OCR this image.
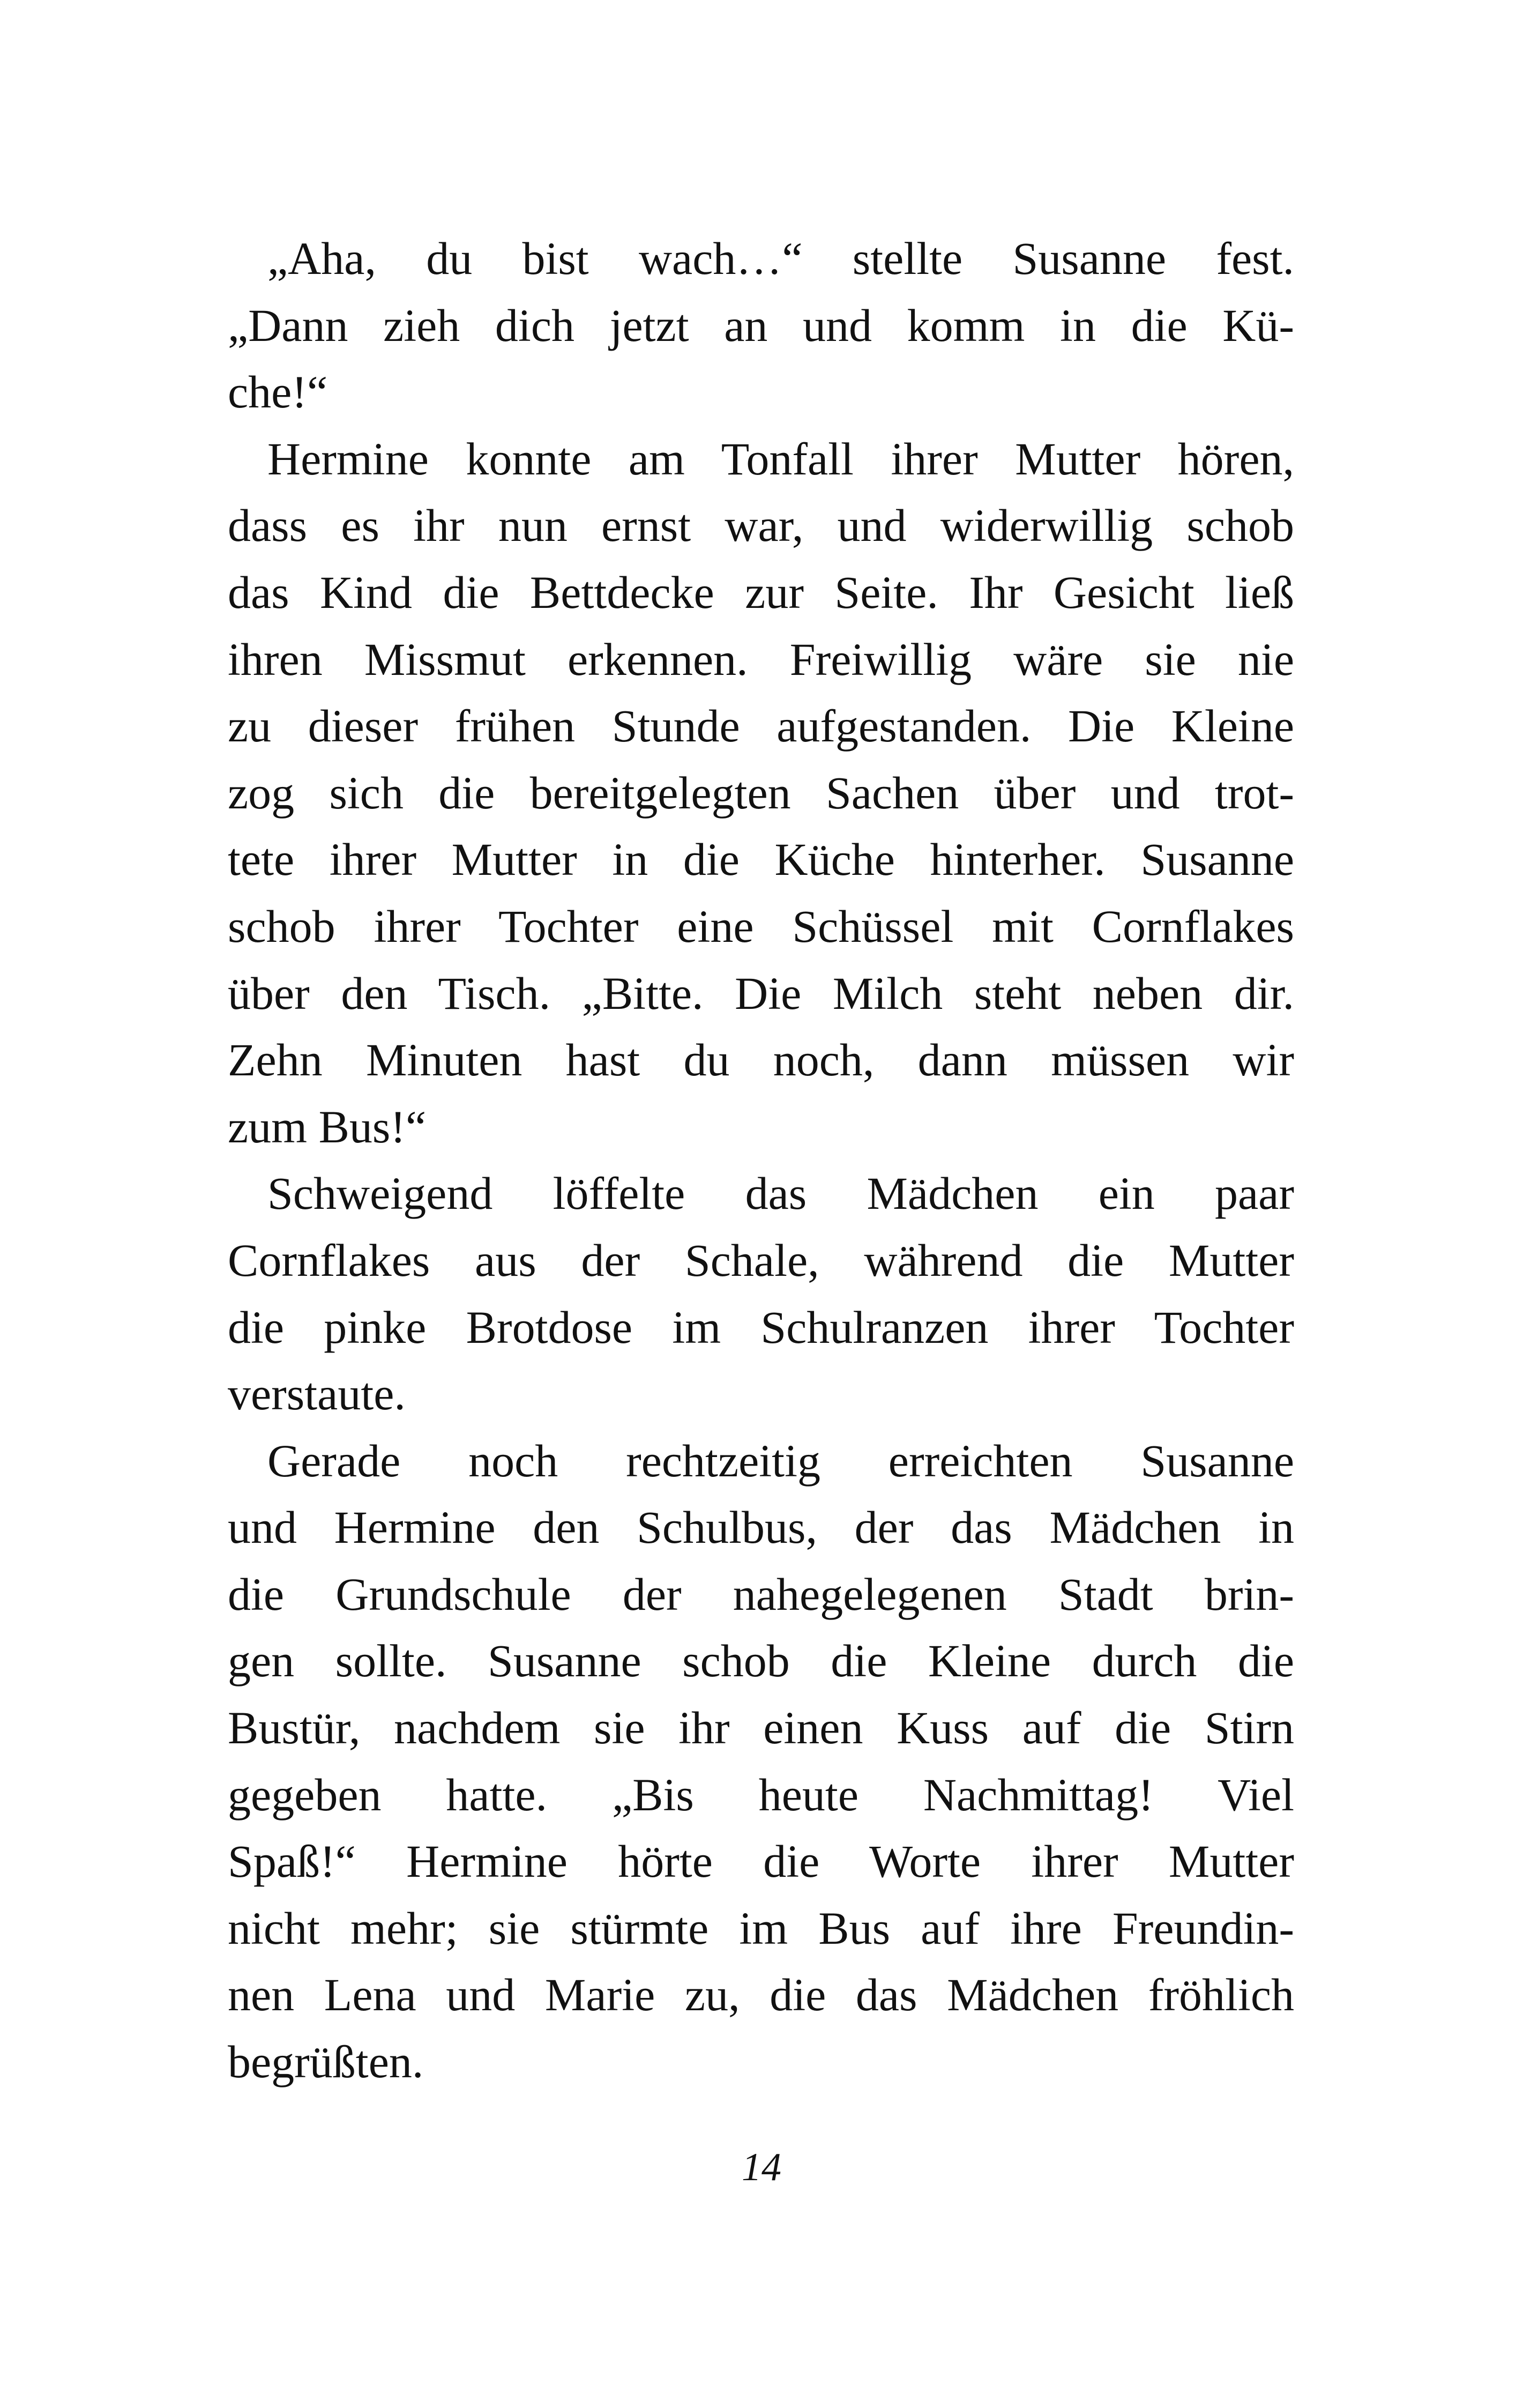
„Aha, du bist wach…“ stellte Susanne fest.
„Dann zieh dich jetzt an und komm in die Kü-
che!“
Hermine konnte am Tonfall ihrer Mutter hören,
dass es ihr nun ernst war, und widerwillig schob
das Kind die Bettdecke zur Seite. Ihr Gesicht ließ
ihren Missmut erkennen. Freiwillig wäre sie nie
zu dieser frühen Stunde aufgestanden. Die Kleine
zog sich die bereitgelegten Sachen über und trot-
tete ihrer Mutter in die Küche hinterher. Susanne
schob ihrer Tochter eine Schüssel mit Cornflakes
über den Tisch. „Bitte. Die Milch steht neben dir.
Zehn Minuten hast du noch, dann müssen wir
zum Bus!“
Schweigend löffelte das Mädchen ein paar
Cornflakes aus der Schale, während die Mutter
die pinke Brotdose im Schulranzen ihrer Tochter
verstaute.
Gerade noch rechtzeitig erreichten Susanne
und Hermine den Schulbus, der das Mädchen in
die Grundschule der nahegelegenen Stadt brin-
gen sollte. Susanne schob die Kleine durch die
Bustür, nachdem sie ihr einen Kuss auf die Stirn
gegeben hatte. „Bis heute Nachmittag! Viel
Spaß!“ Hermine hörte die Worte ihrer Mutter
nicht mehr; sie stürmte im Bus auf ihre Freundin-
nen Lena und Marie zu, die das Mädchen fröhlich
begrüßten.
14
